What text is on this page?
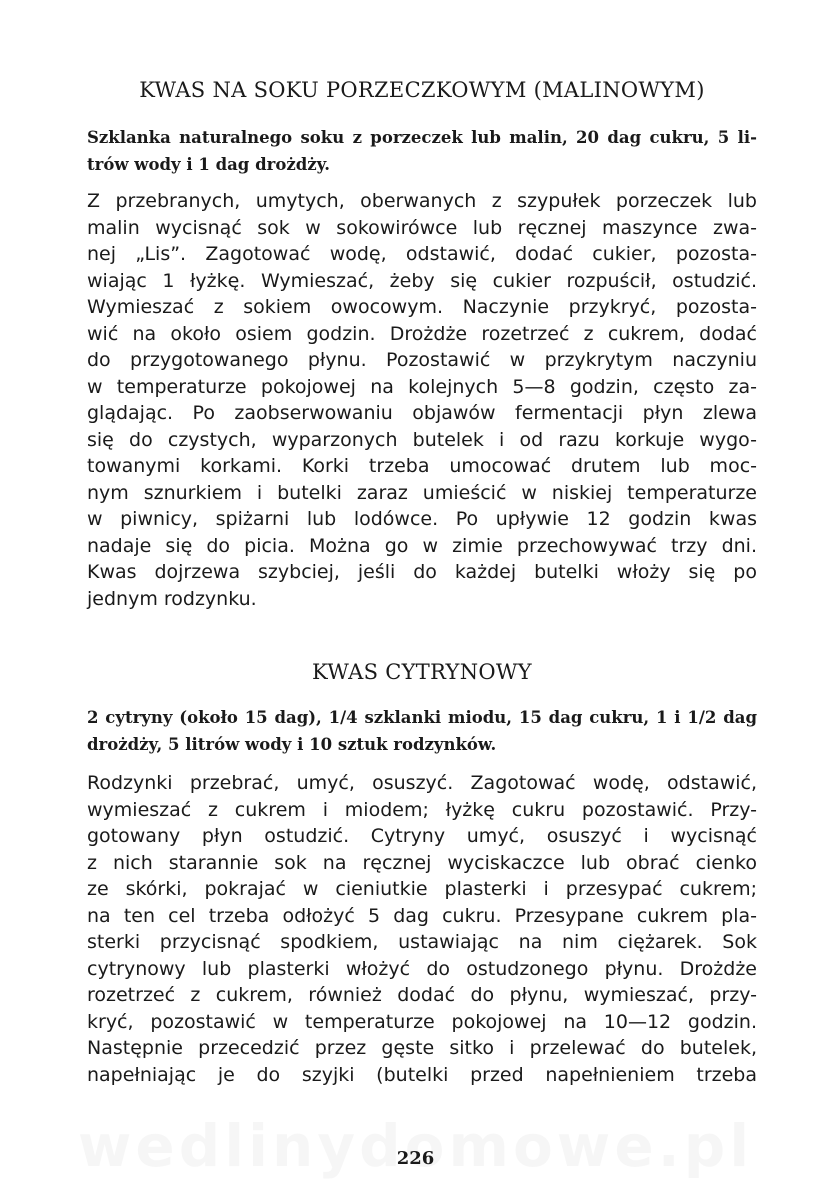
KWAS NA SOKU PORZECZKOWYM (MALINOWYM)
Szklanka naturalnego soku z porzeczek lub malin, 20 dag cukru, 5 li-
trów wody i 1 dag drożdży.
Z przebranych, umytych, oberwanych z szypułek porzeczek lub
malin wycisnąć sok w sokowirówce lub ręcznej maszynce zwa-
nej „Lis”. Zagotować wodę, odstawić, dodać cukier, pozosta-
wiając 1 łyżkę. Wymieszać, żeby się cukier rozpuścił, ostudzić.
Wymieszać z sokiem owocowym. Naczynie przykryć, pozosta-
wić na około osiem godzin. Drożdże rozetrzeć z cukrem, dodać
do przygotowanego płynu. Pozostawić w przykrytym naczyniu
w temperaturze pokojowej na kolejnych 5—8 godzin, często za-
glądając. Po zaobserwowaniu objawów fermentacji płyn zlewa
się do czystych, wyparzonych butelek i od razu korkuje wygo-
towanymi korkami. Korki trzeba umocować drutem lub moc-
nym sznurkiem i butelki zaraz umieścić w niskiej temperaturze
w piwnicy, spiżarni lub lodówce. Po upływie 12 godzin kwas
nadaje się do picia. Można go w zimie przechowywać trzy dni.
Kwas dojrzewa szybciej, jeśli do każdej butelki włoży się po
jednym rodzynku.
KWAS CYTRYNOWY
2 cytryny (około 15 dag), 1/4 szklanki miodu, 15 dag cukru, 1 i 1/2 dag
drożdży, 5 litrów wody i 10 sztuk rodzynków.
Rodzynki przebrać, umyć, osuszyć. Zagotować wodę, odstawić,
wymieszać z cukrem i miodem; łyżkę cukru pozostawić. Przy-
gotowany płyn ostudzić. Cytryny umyć, osuszyć i wycisnąć
z nich starannie sok na ręcznej wyciskaczce lub obrać cienko
ze skórki, pokrajać w cieniutkie plasterki i przesypać cukrem;
na ten cel trzeba odłożyć 5 dag cukru. Przesypane cukrem pla-
sterki przycisnąć spodkiem, ustawiając na nim ciężarek. Sok
cytrynowy lub plasterki włożyć do ostudzonego płynu. Drożdże
rozetrzeć z cukrem, również dodać do płynu, wymieszać, przy-
kryć, pozostawić w temperaturze pokojowej na 10—12 godzin.
Następnie przecedzić przez gęste sitko i przelewać do butelek,
napełniając je do szyjki (butelki przed napełnieniem trzeba
226
